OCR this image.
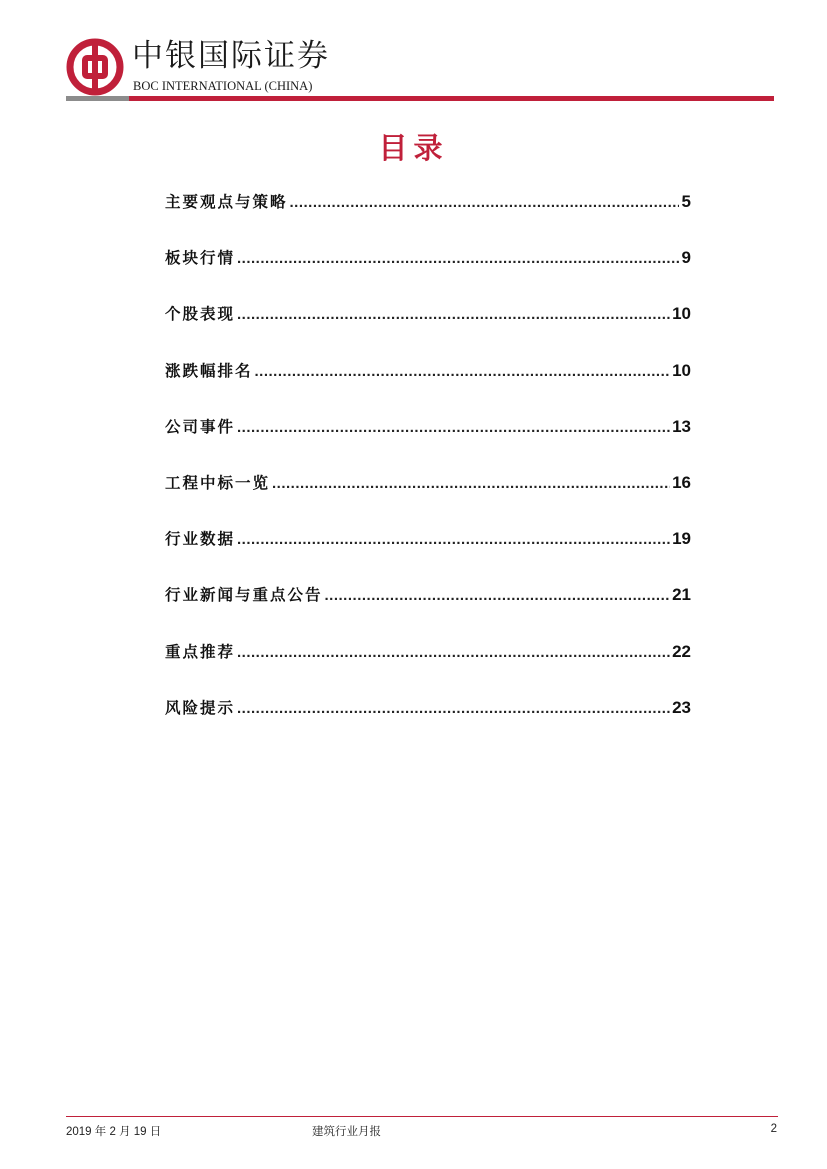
中银国际证券
BOC INTERNATIONAL (CHINA)
目录
主要观点与策略 .....	5
板块行情 .....	9
个股表现 .....	10
涨跌幅排名 .....	10
公司事件 .....	13
工程中标一览 .....	16
行业数据 .....	19
行业新闻与重点公告 .....	21
重点推荐 .....	22
风险提示 .....	23
2019 年 2 月 19 日	建筑行业月报	2
